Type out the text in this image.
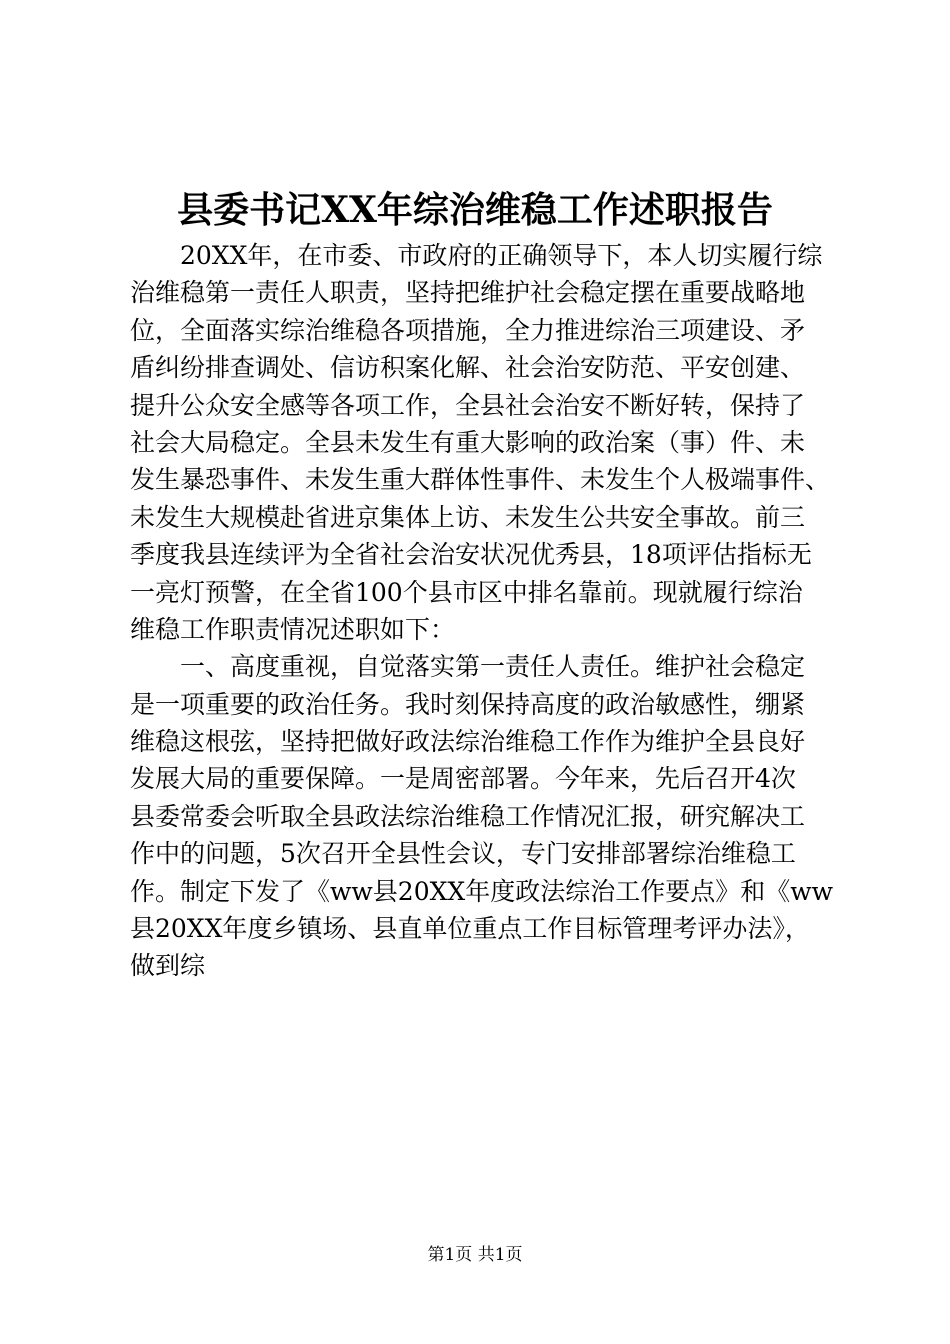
县委书记XX年综治维稳工作述职报告
　　20XX年，在市委、市政府的正确领导下，本人切实履行综
治维稳第一责任人职责，坚持把维护社会稳定摆在重要战略地
位，全面落实综治维稳各项措施，全力推进综治三项建设、矛
盾纠纷排查调处、信访积案化解、社会治安防范、平安创建、
提升公众安全感等各项工作，全县社会治安不断好转，保持了
社会大局稳定。全县未发生有重大影响的政治案（事）件、未
发生暴恐事件、未发生重大群体性事件、未发生个人极端事件、
未发生大规模赴省进京集体上访、未发生公共安全事故。前三
季度我县连续评为全省社会治安状况优秀县，18项评估指标无
一亮灯预警，在全省100个县市区中排名靠前。现就履行综治
维稳工作职责情况述职如下：
　　一、高度重视，自觉落实第一责任人责任。维护社会稳定
是一项重要的政治任务。我时刻保持高度的政治敏感性，绷紧
维稳这根弦，坚持把做好政法综治维稳工作作为维护全县良好
发展大局的重要保障。一是周密部署。今年来，先后召开4次
县委常委会听取全县政法综治维稳工作情况汇报，研究解决工
作中的问题，5次召开全县性会议，专门安排部署综治维稳工
作。制定下发了《ww县20XX年度政法综治工作要点》和《ww
县20XX年度乡镇场、县直单位重点工作目标管理考评办法》，
做到综
第1页 共1页
